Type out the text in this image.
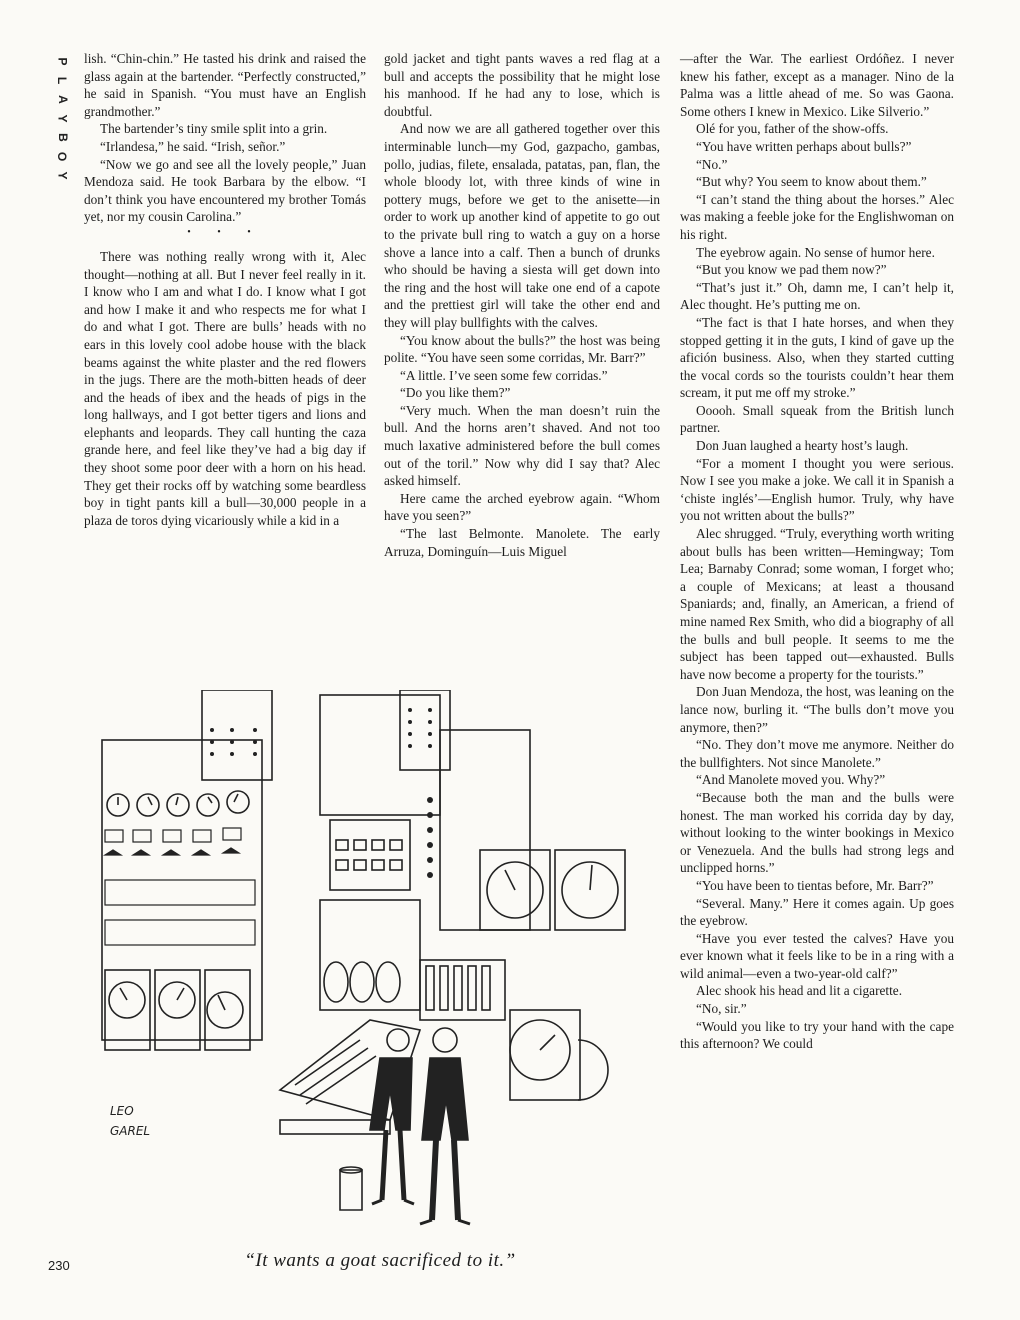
P
L
A
Y
B
O
Y

lish. “Chin-chin.” He tasted his drink and raised the glass again at the bartender. “Perfectly constructed,” he said in Spanish. “You must have an English grandmother.”

The bartender’s tiny smile split into a grin.

“Irlandesa,” he said. “Irish, señor.”

“Now we go and see all the lovely people,” Juan Mendoza said. He took Barbara by the elbow. “I don’t think you have encountered my brother Tomás yet, nor my cousin Carolina.”

• • •

There was nothing really wrong with it, Alec thought—nothing at all. But I never feel really in it. I know who I am and what I do. I know what I got and how I make it and who respects me for what I do and what I got. There are bulls’ heads with no ears in this lovely cool adobe house with the black beams against the white plaster and the red flowers in the jugs. There are the moth-bitten heads of deer and the heads of ibex and the heads of pigs in the long hallways, and I got better tigers and lions and elephants and leopards. They call hunting the caza grande here, and feel like they’ve had a big day if they shoot some poor deer with a horn on his head. They get their rocks off by watching some beardless boy in tight pants kill a bull—30,000 people in a plaza de toros dying vicariously while a kid in a

gold jacket and tight pants waves a red flag at a bull and accepts the possibility that he might lose his manhood. If he had any to lose, which is doubtful.

And now we are all gathered together over this interminable lunch—my God, gazpacho, gambas, pollo, judias, filete, ensalada, patatas, pan, flan, the whole bloody lot, with three kinds of wine in pottery mugs, before we get to the anisette—in order to work up another kind of appetite to go out to the private bull ring to watch a guy on a horse shove a lance into a calf. Then a bunch of drunks who should be having a siesta will get down into the ring and the host will take one end of a capote and the prettiest girl will take the other end and they will play bullfights with the calves.

“You know about the bulls?” the host was being polite. “You have seen some corridas, Mr. Barr?”

“A little. I’ve seen some few corridas.”

“Do you like them?”

“Very much. When the man doesn’t ruin the bull. And the horns aren’t shaved. And not too much laxative administered before the bull comes out of the toril.” Now why did I say that? Alec asked himself.

Here came the arched eyebrow again. “Whom have you seen?”

“The last Belmonte. Manolete. The early Arruza, Dominguín—Luis Miguel

—after the War. The earliest Ordóñez. I never knew his father, except as a manager. Nino de la Palma was a little ahead of me. So was Gaona. Some others I knew in Mexico. Like Silverio.”

Olé for you, father of the show-offs.

“You have written perhaps about bulls?”

“No.”

“But why? You seem to know about them.”

“I can’t stand the thing about the horses.” Alec was making a feeble joke for the Englishwoman on his right.

The eyebrow again. No sense of humor here.

“But you know we pad them now?”

“That’s just it.” Oh, damn me, I can’t help it, Alec thought. He’s putting me on.

“The fact is that I hate horses, and when they stopped getting it in the guts, I kind of gave up the afición business. Also, when they started cutting the vocal cords so the tourists couldn’t hear them scream, it put me off my stroke.”

Ooooh. Small squeak from the British lunch partner.

Don Juan laughed a hearty host’s laugh.

“For a moment I thought you were serious. Now I see you make a joke. We call it in Spanish a ‘chiste inglés’—English humor. Truly, why have you not written about the bulls?”

Alec shrugged. “Truly, everything worth writing about bulls has been written—Hemingway; Tom Lea; Barnaby Conrad; some woman, I forget who; a couple of Mexicans; at least a thousand Spaniards; and, finally, an American, a friend of mine named Rex Smith, who did a biography of all the bulls and bull people. It seems to me the subject has been tapped out—exhausted. Bulls have now become a property for the tourists.”

Don Juan Mendoza, the host, was leaning on the lance now, burling it. “The bulls don’t move you anymore, then?”

“No. They don’t move me anymore. Neither do the bullfighters. Not since Manolete.”

“And Manolete moved you. Why?”

“Because both the man and the bulls were honest. The man worked his corrida day by day, without looking to the winter bookings in Mexico or Venezuela. And the bulls had strong legs and unclipped horns.”

“You have been to tientas before, Mr. Barr?”

“Several. Many.” Here it comes again. Up goes the eyebrow.

“Have you ever tested the calves? Have you ever known what it feels like to be in a ring with a wild animal—even a two-year-old calf?”

Alec shook his head and lit a cigarette.

“No, sir.”

“Would you like to try your hand with the cape this afternoon? We could

LEO
GAREL
“It wants a goat sacrificed to it.”
230
